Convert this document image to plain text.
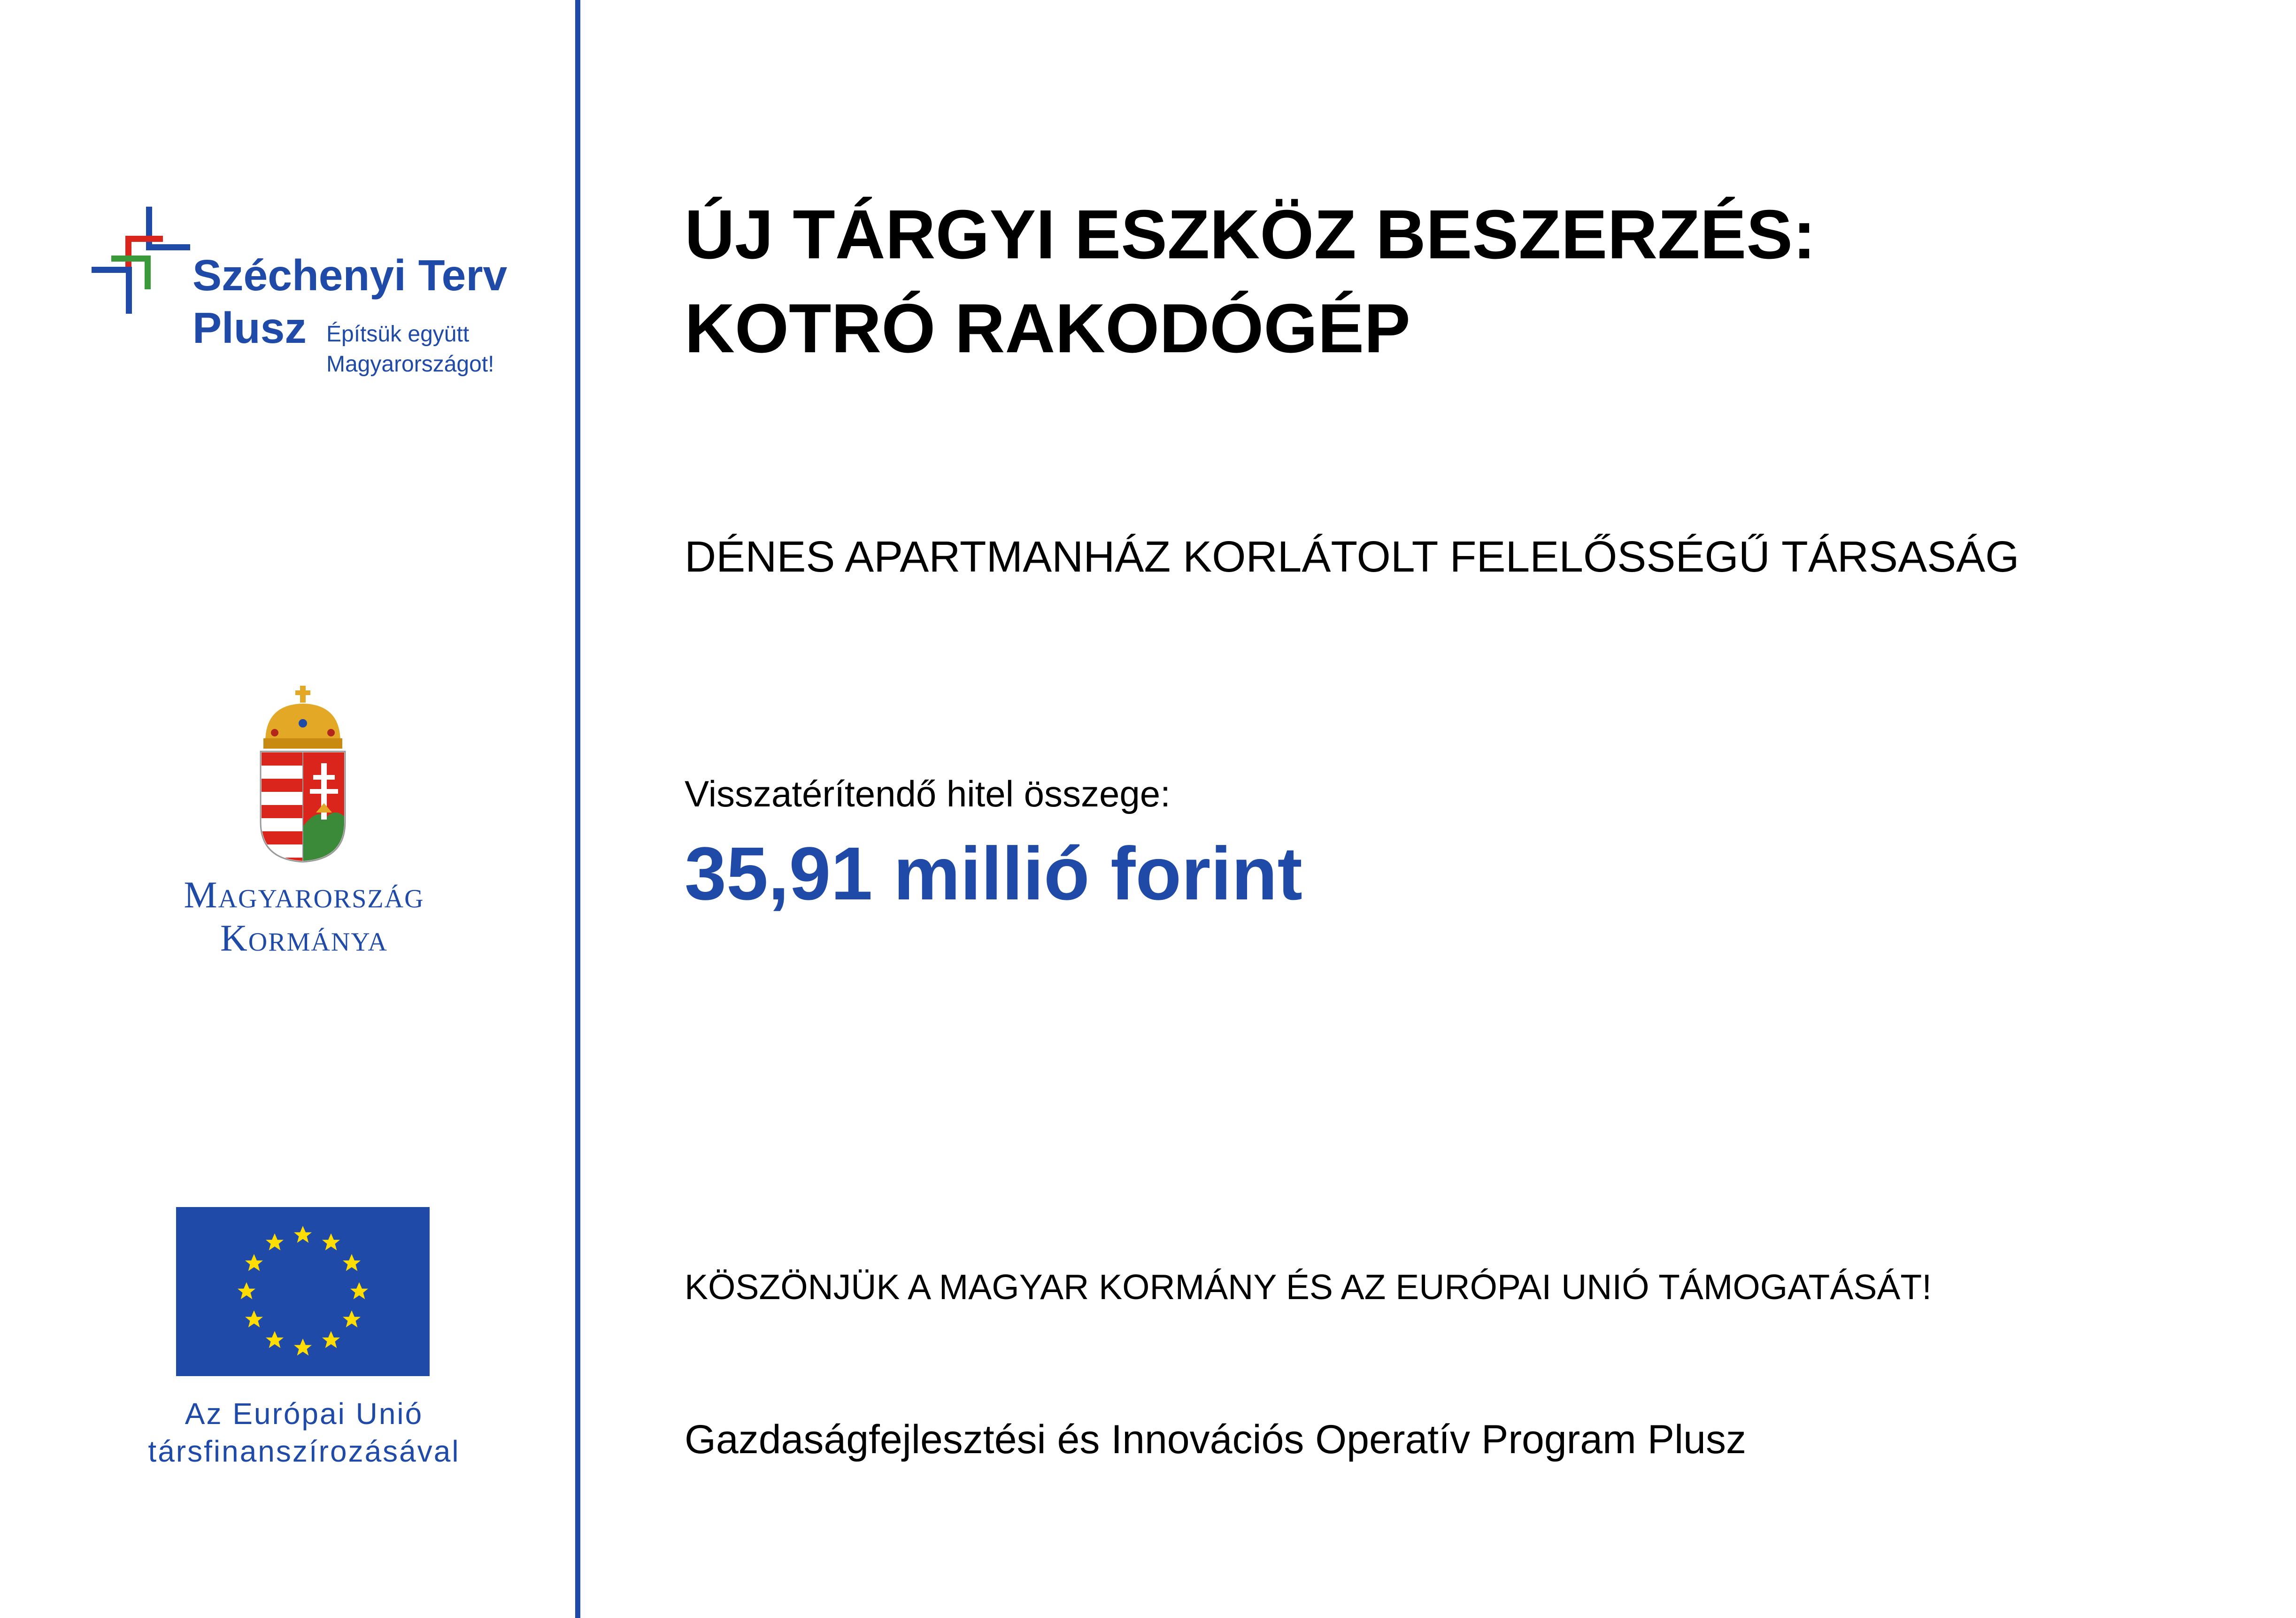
Széchenyi Terv
Plusz Építsük együtt
Magyarországot!
Magyarország
Kormánya
Az Európai Unió
társfinanszírozásával
ÚJ TÁRGYI ESZKÖZ BESZERZÉS:
KOTRÓ RAKODÓGÉP
DÉNES APARTMANHÁZ KORLÁTOLT FELELŐSSÉGŰ TÁRSASÁG
Visszatérítendő hitel összege:
35,91 millió forint
KÖSZÖNJÜK A MAGYAR KORMÁNY ÉS AZ EURÓPAI UNIÓ TÁMOGATÁSÁT!
Gazdaságfejlesztési és Innovációs Operatív Program Plusz
